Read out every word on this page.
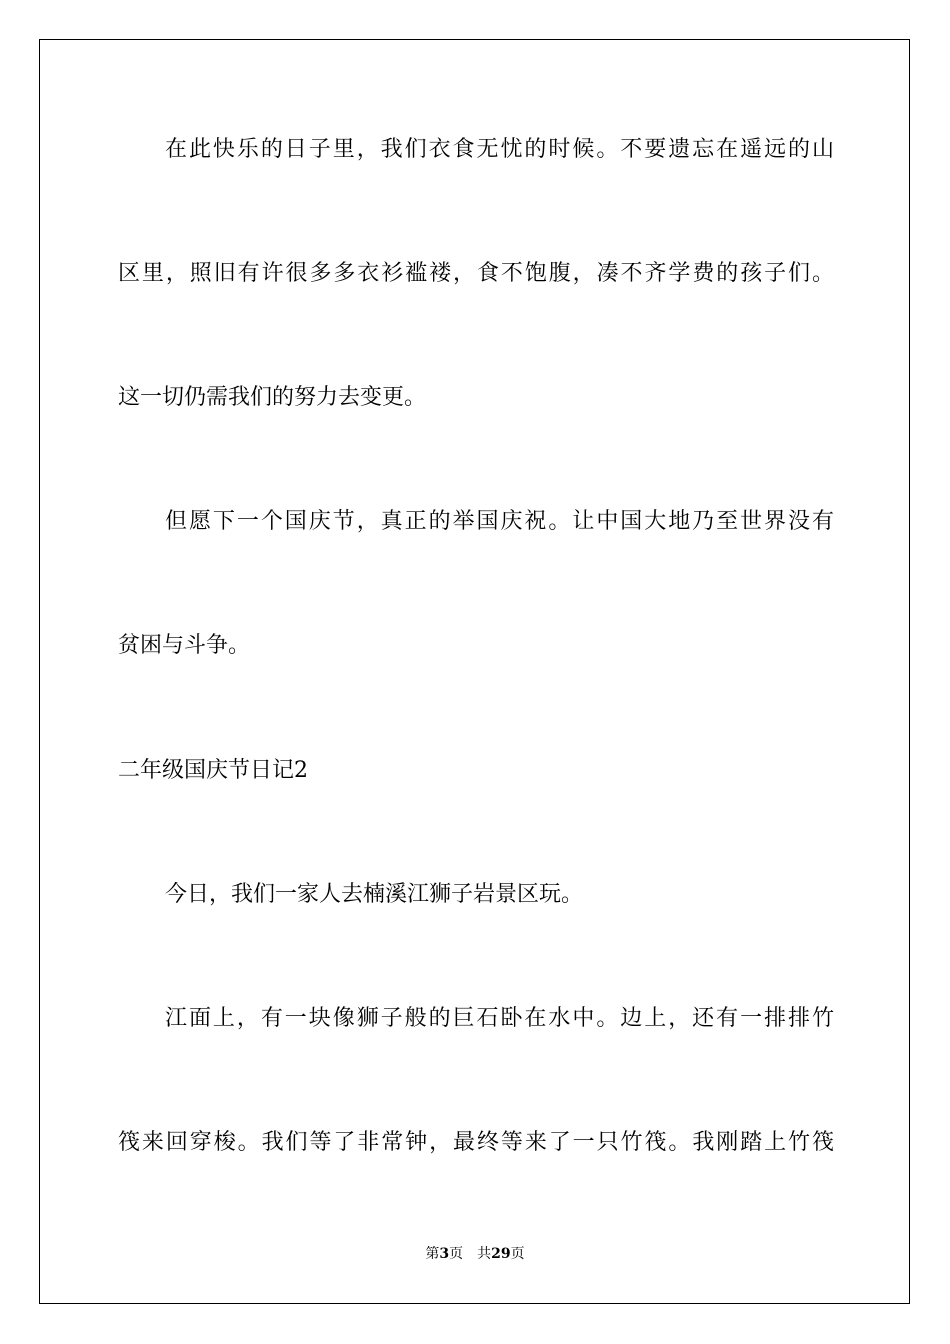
在此快乐的日子里，我们衣食无忧的时候。不要遗忘在遥远的山
区里，照旧有许很多多衣衫褴褛，食不饱腹，凑不齐学费的孩子们。
这一切仍需我们的努力去变更。
但愿下一个国庆节，真正的举国庆祝。让中国大地乃至世界没有
贫困与斗争。
二年级国庆节日记2
今日，我们一家人去楠溪江狮子岩景区玩。
江面上，有一块像狮子般的巨石卧在水中。边上，还有一排排竹
筏来回穿梭。我们等了非常钟，最终等来了一只竹筏。我刚踏上竹筏
第3页 共29页
